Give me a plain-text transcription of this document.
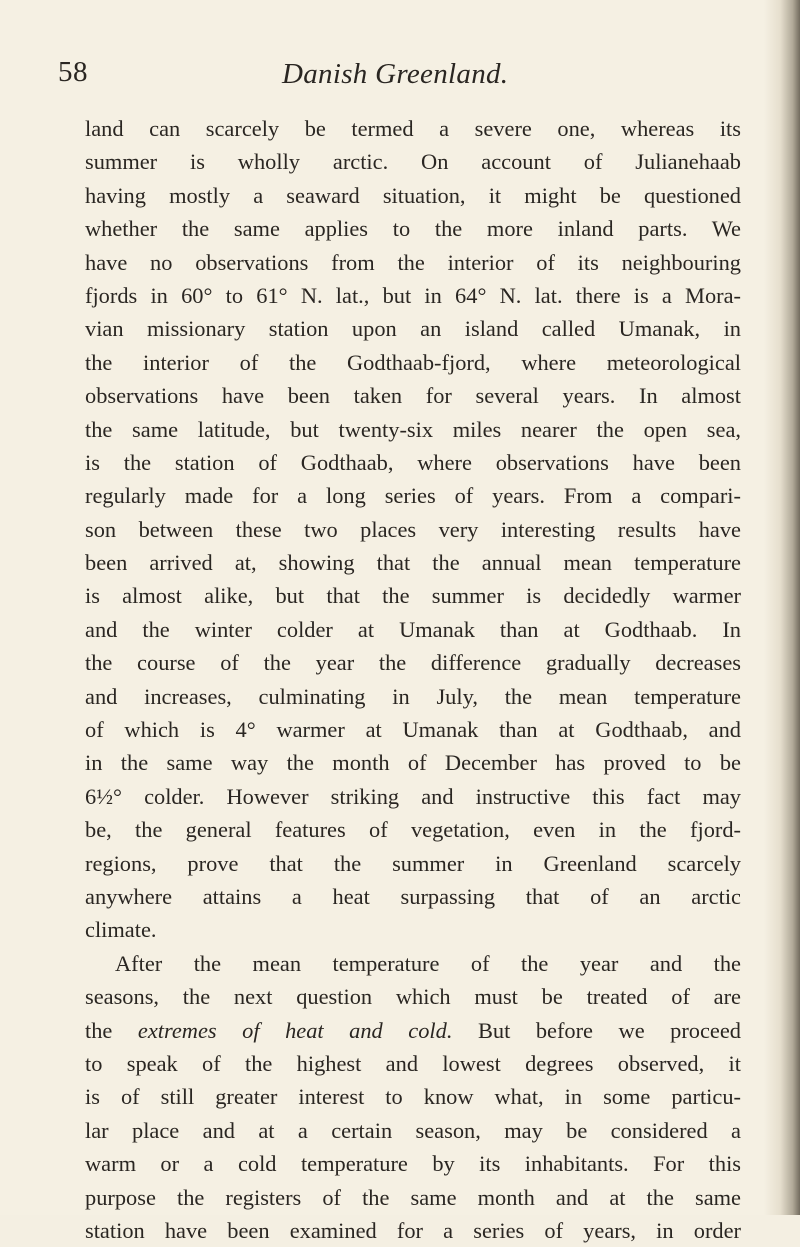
58	Danish Greenland.
land can scarcely be termed a severe one, whereas its
summer is wholly arctic. On account of Julianehaab
having mostly a seaward situation, it might be questioned
whether the same applies to the more inland parts. We
have no observations from the interior of its neighbouring
fjords in 60° to 61° N. lat., but in 64° N. lat. there is a Mora-
vian missionary station upon an island called Umanak, in
the interior of the Godthaab-fjord, where meteorological
observations have been taken for several years. In almost
the same latitude, but twenty-six miles nearer the open sea,
is the station of Godthaab, where observations have been
regularly made for a long series of years. From a compari-
son between these two places very interesting results have
been arrived at, showing that the annual mean temperature
is almost alike, but that the summer is decidedly warmer
and the winter colder at Umanak than at Godthaab. In
the course of the year the difference gradually decreases
and increases, culminating in July, the mean temperature
of which is 4° warmer at Umanak than at Godthaab, and
in the same way the month of December has proved to be
6½° colder. However striking and instructive this fact may
be, the general features of vegetation, even in the fjord-
regions, prove that the summer in Greenland scarcely
anywhere attains a heat surpassing that of an arctic
climate.
After the mean temperature of the year and the
seasons, the next question which must be treated of are
the extremes of heat and cold. But before we proceed
to speak of the highest and lowest degrees observed, it
is of still greater interest to know what, in some particu-
lar place and at a certain season, may be considered a
warm or a cold temperature by its inhabitants. For this
purpose the registers of the same month and at the same
station have been examined for a series of years, in order
